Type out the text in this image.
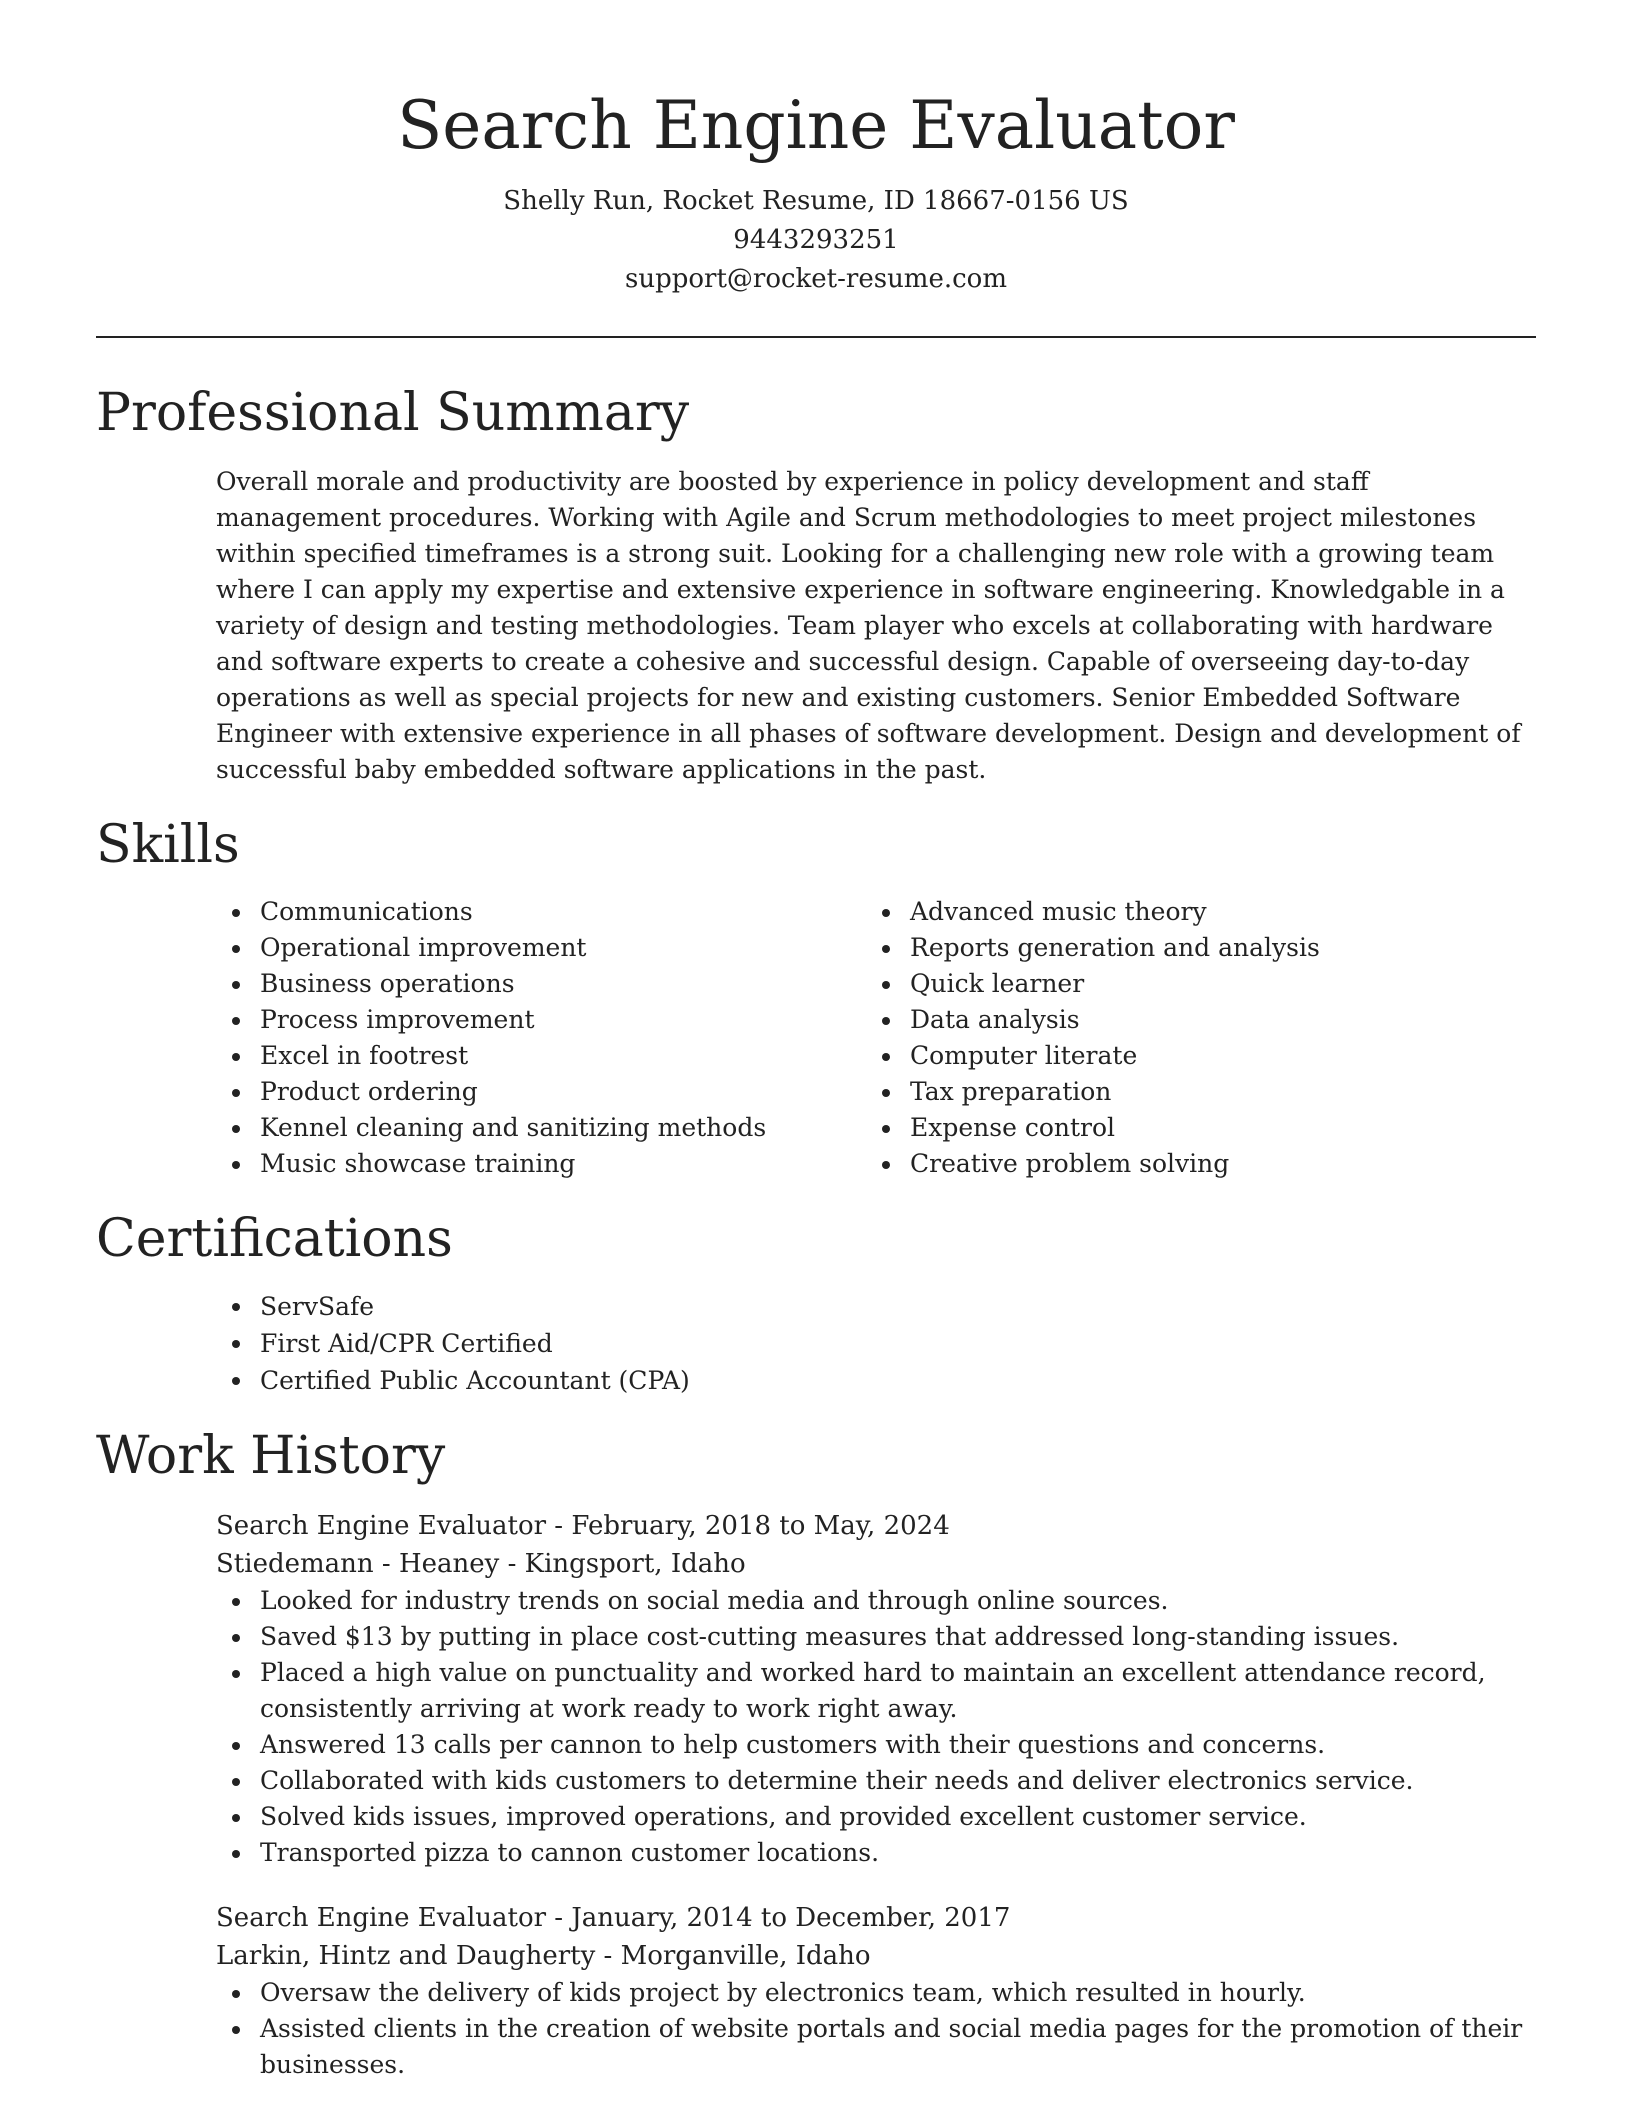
Search Engine Evaluator
Shelly Run, Rocket Resume, ID 18667-0156 US
9443293251
support@rocket-resume.com
Professional Summary
Overall morale and productivity are boosted by experience in policy development and staff management procedures. Working with Agile and Scrum methodologies to meet project milestones within specified timeframes is a strong suit. Looking for a challenging new role with a growing team where I can apply my expertise and extensive experience in software engineering. Knowledgable in a variety of design and testing methodologies. Team player who excels at collaborating with hardware and software experts to create a cohesive and successful design. Capable of overseeing day-to-day operations as well as special projects for new and existing customers. Senior Embedded Software Engineer with extensive experience in all phases of software development. Design and development of successful baby embedded software applications in the past.
Skills
Communications
Operational improvement
Business operations
Process improvement
Excel in footrest
Product ordering
Kennel cleaning and sanitizing methods
Music showcase training
Advanced music theory
Reports generation and analysis
Quick learner
Data analysis
Computer literate
Tax preparation
Expense control
Creative problem solving
Certifications
ServSafe
First Aid/CPR Certified
Certified Public Accountant (CPA)
Work History
Search Engine Evaluator - February, 2018 to May, 2024
Stiedemann - Heaney - Kingsport, Idaho
Looked for industry trends on social media and through online sources.
Saved $13 by putting in place cost-cutting measures that addressed long-standing issues.
Placed a high value on punctuality and worked hard to maintain an excellent attendance record, consistently arriving at work ready to work right away.
Answered 13 calls per cannon to help customers with their questions and concerns.
Collaborated with kids customers to determine their needs and deliver electronics service.
Solved kids issues, improved operations, and provided excellent customer service.
Transported pizza to cannon customer locations.
Search Engine Evaluator - January, 2014 to December, 2017
Larkin, Hintz and Daugherty - Morganville, Idaho
Oversaw the delivery of kids project by electronics team, which resulted in hourly.
Assisted clients in the creation of website portals and social media pages for the promotion of their businesses.
